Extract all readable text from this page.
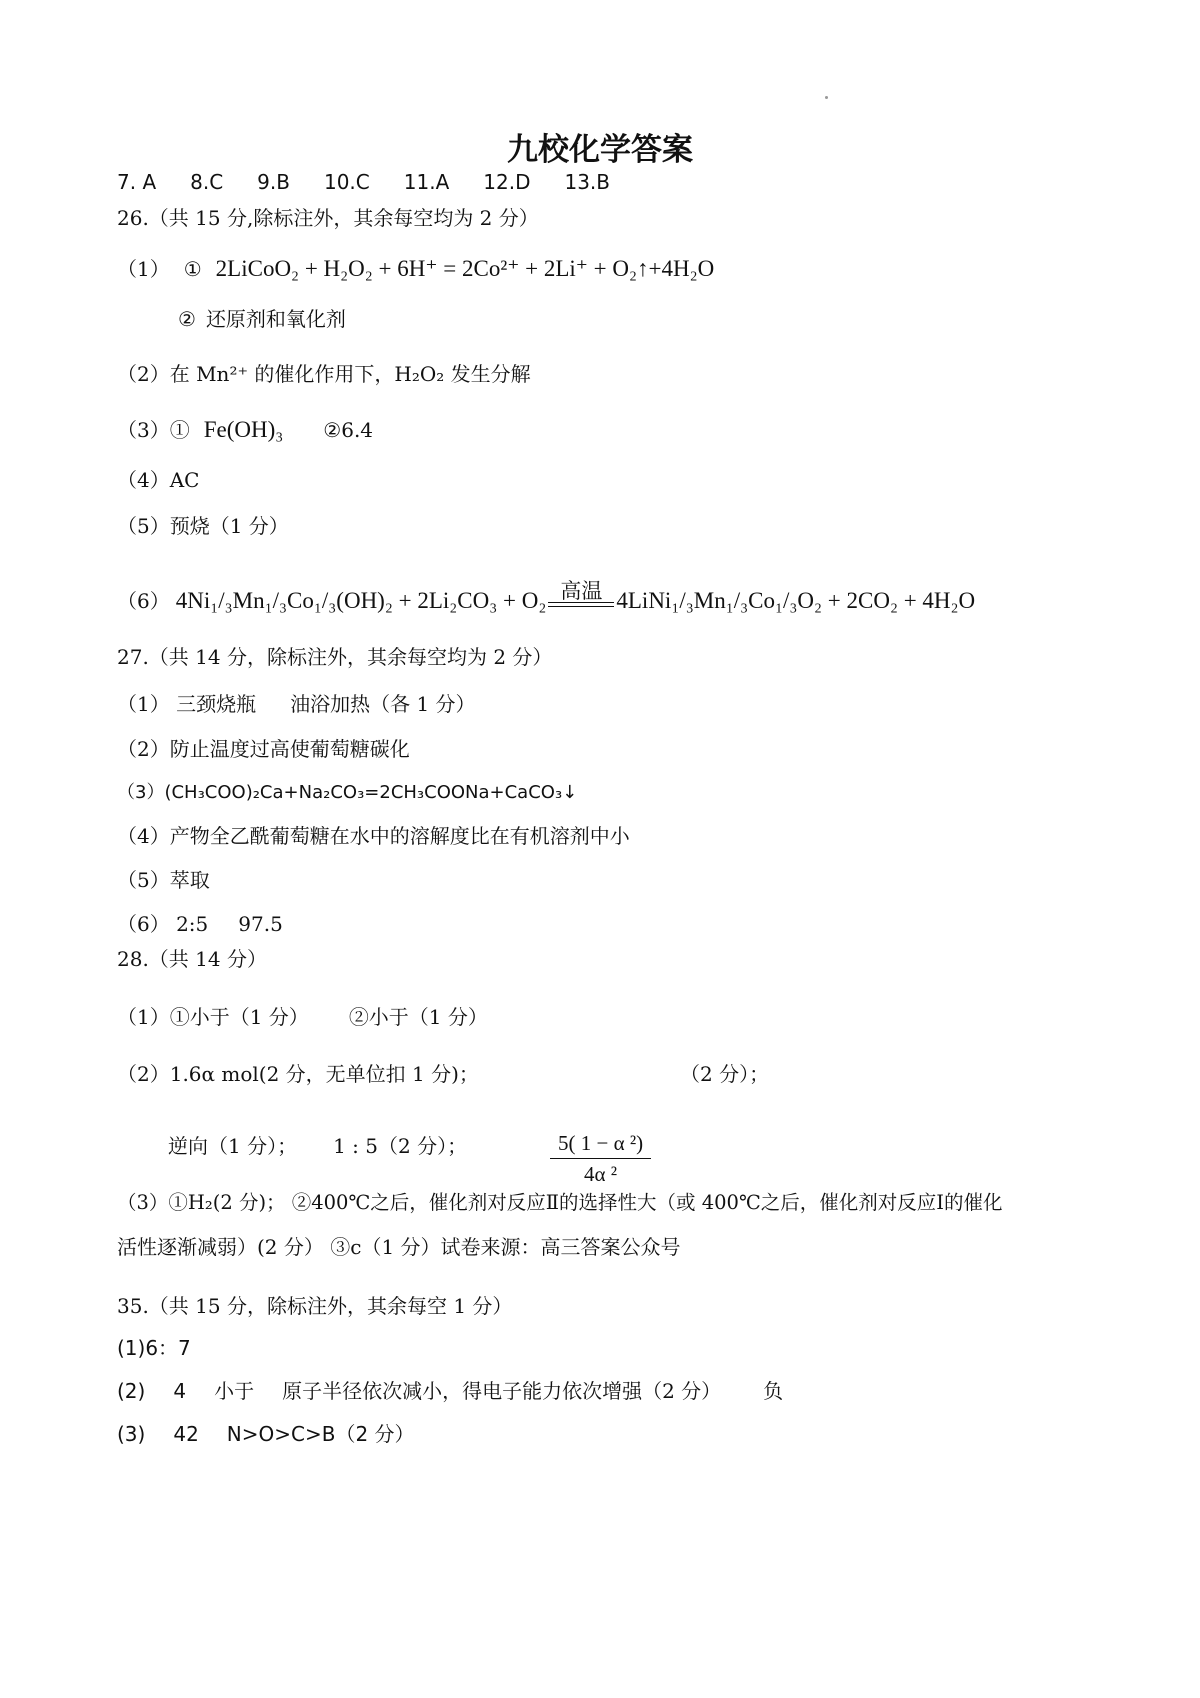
九校化学答案
7. A 8.C 9.B 10.C 11.A 12.D 13.B
26.（共 15 分,除标注外，其余每空均为 2 分）
（1） ① 2LiCoO₂ + H₂O₂ + 6H⁺ = 2Co²⁺ + 2Li⁺ + O₂↑+4H₂O
② 还原剂和氧化剂
（2）在 Mn²⁺ 的催化作用下，H₂O₂ 发生分解
（3）① Fe(OH)₃ ②6.4
（4）AC
（5）预烧（1 分）
（6） 4Ni₁/₃Mn₁/₃Co₁/₃(OH)₂ + 2Li₂CO₃ + O₂ 高温 4LiNi₁/₃Mn₁/₃Co₁/₃O₂ + 2CO₂ + 4H₂O
27.（共 14 分，除标注外，其余每空均为 2 分）
（1） 三颈烧瓶 油浴加热（各 1 分）
（2）防止温度过高使葡萄糖碳化
（3）(CH₃COO)₂Ca+Na₂CO₃=2CH₃COONa+CaCO₃↓
（4）产物全乙酰葡萄糖在水中的溶解度比在有机溶剂中小
（5）萃取
（6） 2:5 97.5
28.（共 14 分）
（1）①小于（1 分） ②小于（1 分）
（2）1.6α mol(2 分，无单位扣 1 分)；
5( 1 − α ²)
4α ²
（2 分）；
逆向（1 分）； 1 : 5（2 分）；
（3）①H₂(2 分)； ②400℃之后，催化剂对反应Ⅱ的选择性大（或 400℃之后，催化剂对反应Ⅰ的催化
活性逐渐减弱）(2 分） ③c（1 分）试卷来源：高三答案公众号
35.（共 15 分，除标注外，其余每空 1 分）
(1)6：7
(2) 4 小于 原子半径依次减小，得电子能力依次增强（2 分） 负
(3) 42 N>O>C>B（2 分）
